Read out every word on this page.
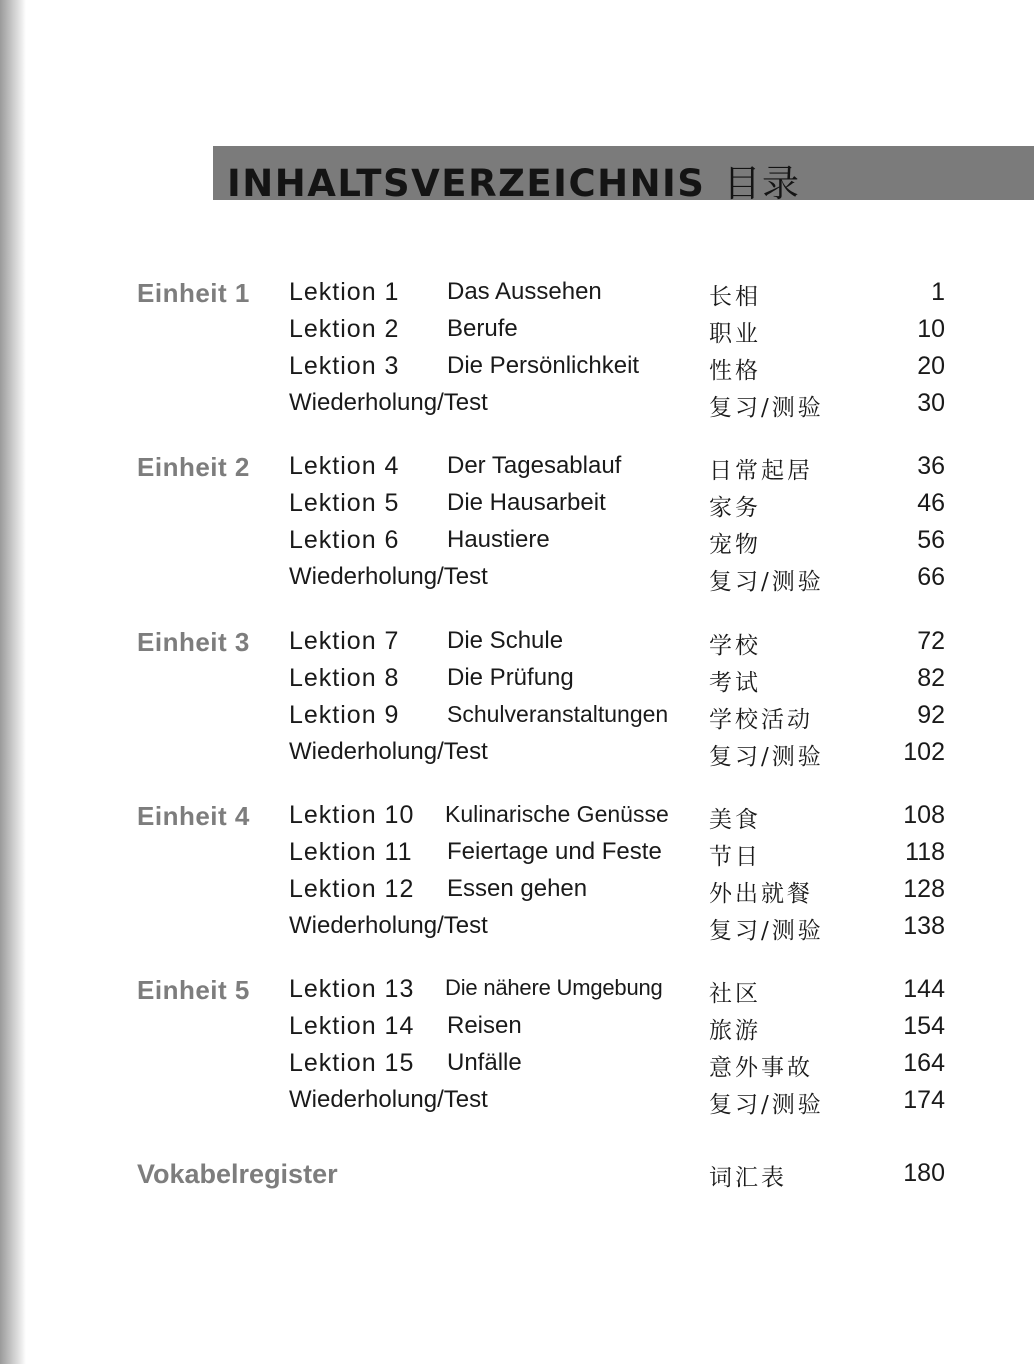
INHALTSVERZEICHNIS 目录
Einheit 1 Lektion 1 Das Aussehen	长相	1
Lektion 2 Berufe	职业	10
Lektion 3 Die Persönlichkeit	性格	20
Wiederholung/Test	复习/测验	30
Einheit 2 Lektion 4 Der Tagesablauf	日常起居	36
Lektion 5 Die Hausarbeit	家务	46
Lektion 6 Haustiere	宠物	56
Wiederholung/Test	复习/测验	66
Einheit 3 Lektion 7 Die Schule	学校	72
Lektion 8 Die Prüfung	考试	82
Lektion 9 Schulveranstaltungen 学校活动	92
Wiederholung/Test	复习/测验	102
Einheit 4 Lektion 10 Kulinarische Genüsse 美食	108
Lektion 11 Feiertage und Feste 节日	118
Lektion 12 Essen gehen	外出就餐	128
Wiederholung/Test	复习/测验	138
Einheit 5 Lektion 13 Die nähere Umgebung 社区	144
Lektion 14 Reisen	旅游	154
Lektion 15 Unfälle	意外事故	164
Wiederholung/Test	复习/测验	174
Vokabelregister	词汇表	180
